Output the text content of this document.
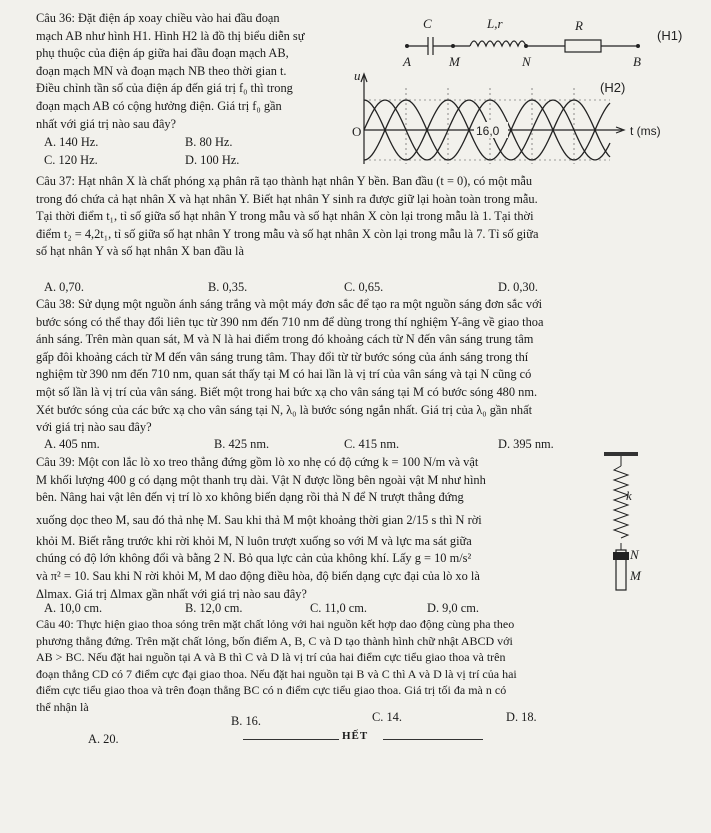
Câu 36: Đặt điện áp xoay chiều vào hai đầu đoạn
mạch AB như hình H1. Hình H2 là đồ thị biểu diễn sự
phụ thuộc của điện áp giữa hai đầu đoạn mạch AB,
đoạn mạch MN và đoạn mạch NB theo thời gian t.
Điều chỉnh tần số của điện áp đến giá trị f₀ thì trong
đoạn mạch AB có cộng hưởng điện. Giá trị f₀ gần
nhất với giá trị nào sau đây?
A. 140 Hz.	B. 80 Hz.
C. 120 Hz.	D. 100 Hz.
C	L,r	R
A	M	N	B
(H1)
u
O	16,0	t (ms)
(H2)
Câu 37: Hạt nhân X là chất phóng xạ phân rã tạo thành hạt nhân Y bền. Ban đầu (t = 0), có một mẫu
trong đó chứa cả hạt nhân X và hạt nhân Y. Biết hạt nhân Y sinh ra được giữ lại hoàn toàn trong mẫu.
Tại thời điểm t₁, tỉ số giữa số hạt nhân Y trong mẫu và số hạt nhân X còn lại trong mẫu là 1. Tại thời
điểm t₂ = 4,2t₁, tỉ số giữa số hạt nhân Y trong mẫu và số hạt nhân X còn lại trong mẫu là 7. Tỉ số giữa
số hạt nhân Y và số hạt nhân X ban đầu là
A. 0,70.	B. 0,35.	C. 0,65.	D. 0,30.
Câu 38: Sử dụng một nguồn ánh sáng trắng và một máy đơn sắc để tạo ra một nguồn sáng đơn sắc với
bước sóng có thể thay đổi liên tục từ 390 nm đến 710 nm để dùng trong thí nghiệm Y-âng về giao thoa
ánh sáng. Trên màn quan sát, M và N là hai điểm trong đó khoảng cách từ N đến vân sáng trung tâm
gấp đôi khoảng cách từ M đến vân sáng trung tâm. Thay đổi từ từ bước sóng của ánh sáng trong thí
nghiệm từ 390 nm đến 710 nm, quan sát thấy tại M có hai lần là vị trí của vân sáng và tại N cũng có
một số lần là vị trí của vân sáng. Biết một trong hai bức xạ cho vân sáng tại M có bước sóng 480 nm.
Xét bước sóng của các bức xạ cho vân sáng tại N, λ₀ là bước sóng ngắn nhất. Giá trị của λ₀ gần nhất
với giá trị nào sau đây?
A. 405 nm.	B. 425 nm.	C. 415 nm.	D. 395 nm.
Câu 39: Một con lắc lò xo treo thẳng đứng gồm lò xo nhẹ có độ cứng k = 100 N/m và vật
M khối lượng 400 g có dạng một thanh trụ dài. Vật N được lồng bên ngoài vật M như hình
bên. Nâng hai vật lên đến vị trí lò xo không biến dạng rồi thả N để N trượt thẳng đứng
xuống dọc theo M, sau đó thả nhẹ M. Sau khi thả M một khoảng thời gian 2/15 s thì N rời
khỏi M. Biết rằng trước khi rời khỏi M, N luôn trượt xuống so với M và lực ma sát giữa
chúng có độ lớn không đổi và bằng 2 N. Bỏ qua lực cản của không khí. Lấy g = 10 m/s²
và π² = 10. Sau khi N rời khỏi M, M dao động điều hòa, độ biến dạng cực đại của lò xo là
Δlmax. Giá trị Δlmax gần nhất với giá trị nào sau đây?
A. 10,0 cm.	B. 12,0 cm.	C. 11,0 cm.	D. 9,0 cm.
k
N
M
Câu 40: Thực hiện giao thoa sóng trên mặt chất lỏng với hai nguồn kết hợp dao động cùng pha theo
phương thẳng đứng. Trên mặt chất lỏng, bốn điểm A, B, C và D tạo thành hình chữ nhật ABCD với
AB > BC. Nếu đặt hai nguồn tại A và B thì C và D là vị trí của hai điểm cực tiểu giao thoa và trên
đoạn thẳng CD có 7 điểm cực đại giao thoa. Nếu đặt hai nguồn tại B và C thì A và D là vị trí của hai
điểm cực tiểu giao thoa và trên đoạn thẳng BC có n điểm cực tiểu giao thoa. Giá trị tối đa mà n có
thể nhận là
A. 20.
B. 16.	C. 14.	D. 18.
HẾT
